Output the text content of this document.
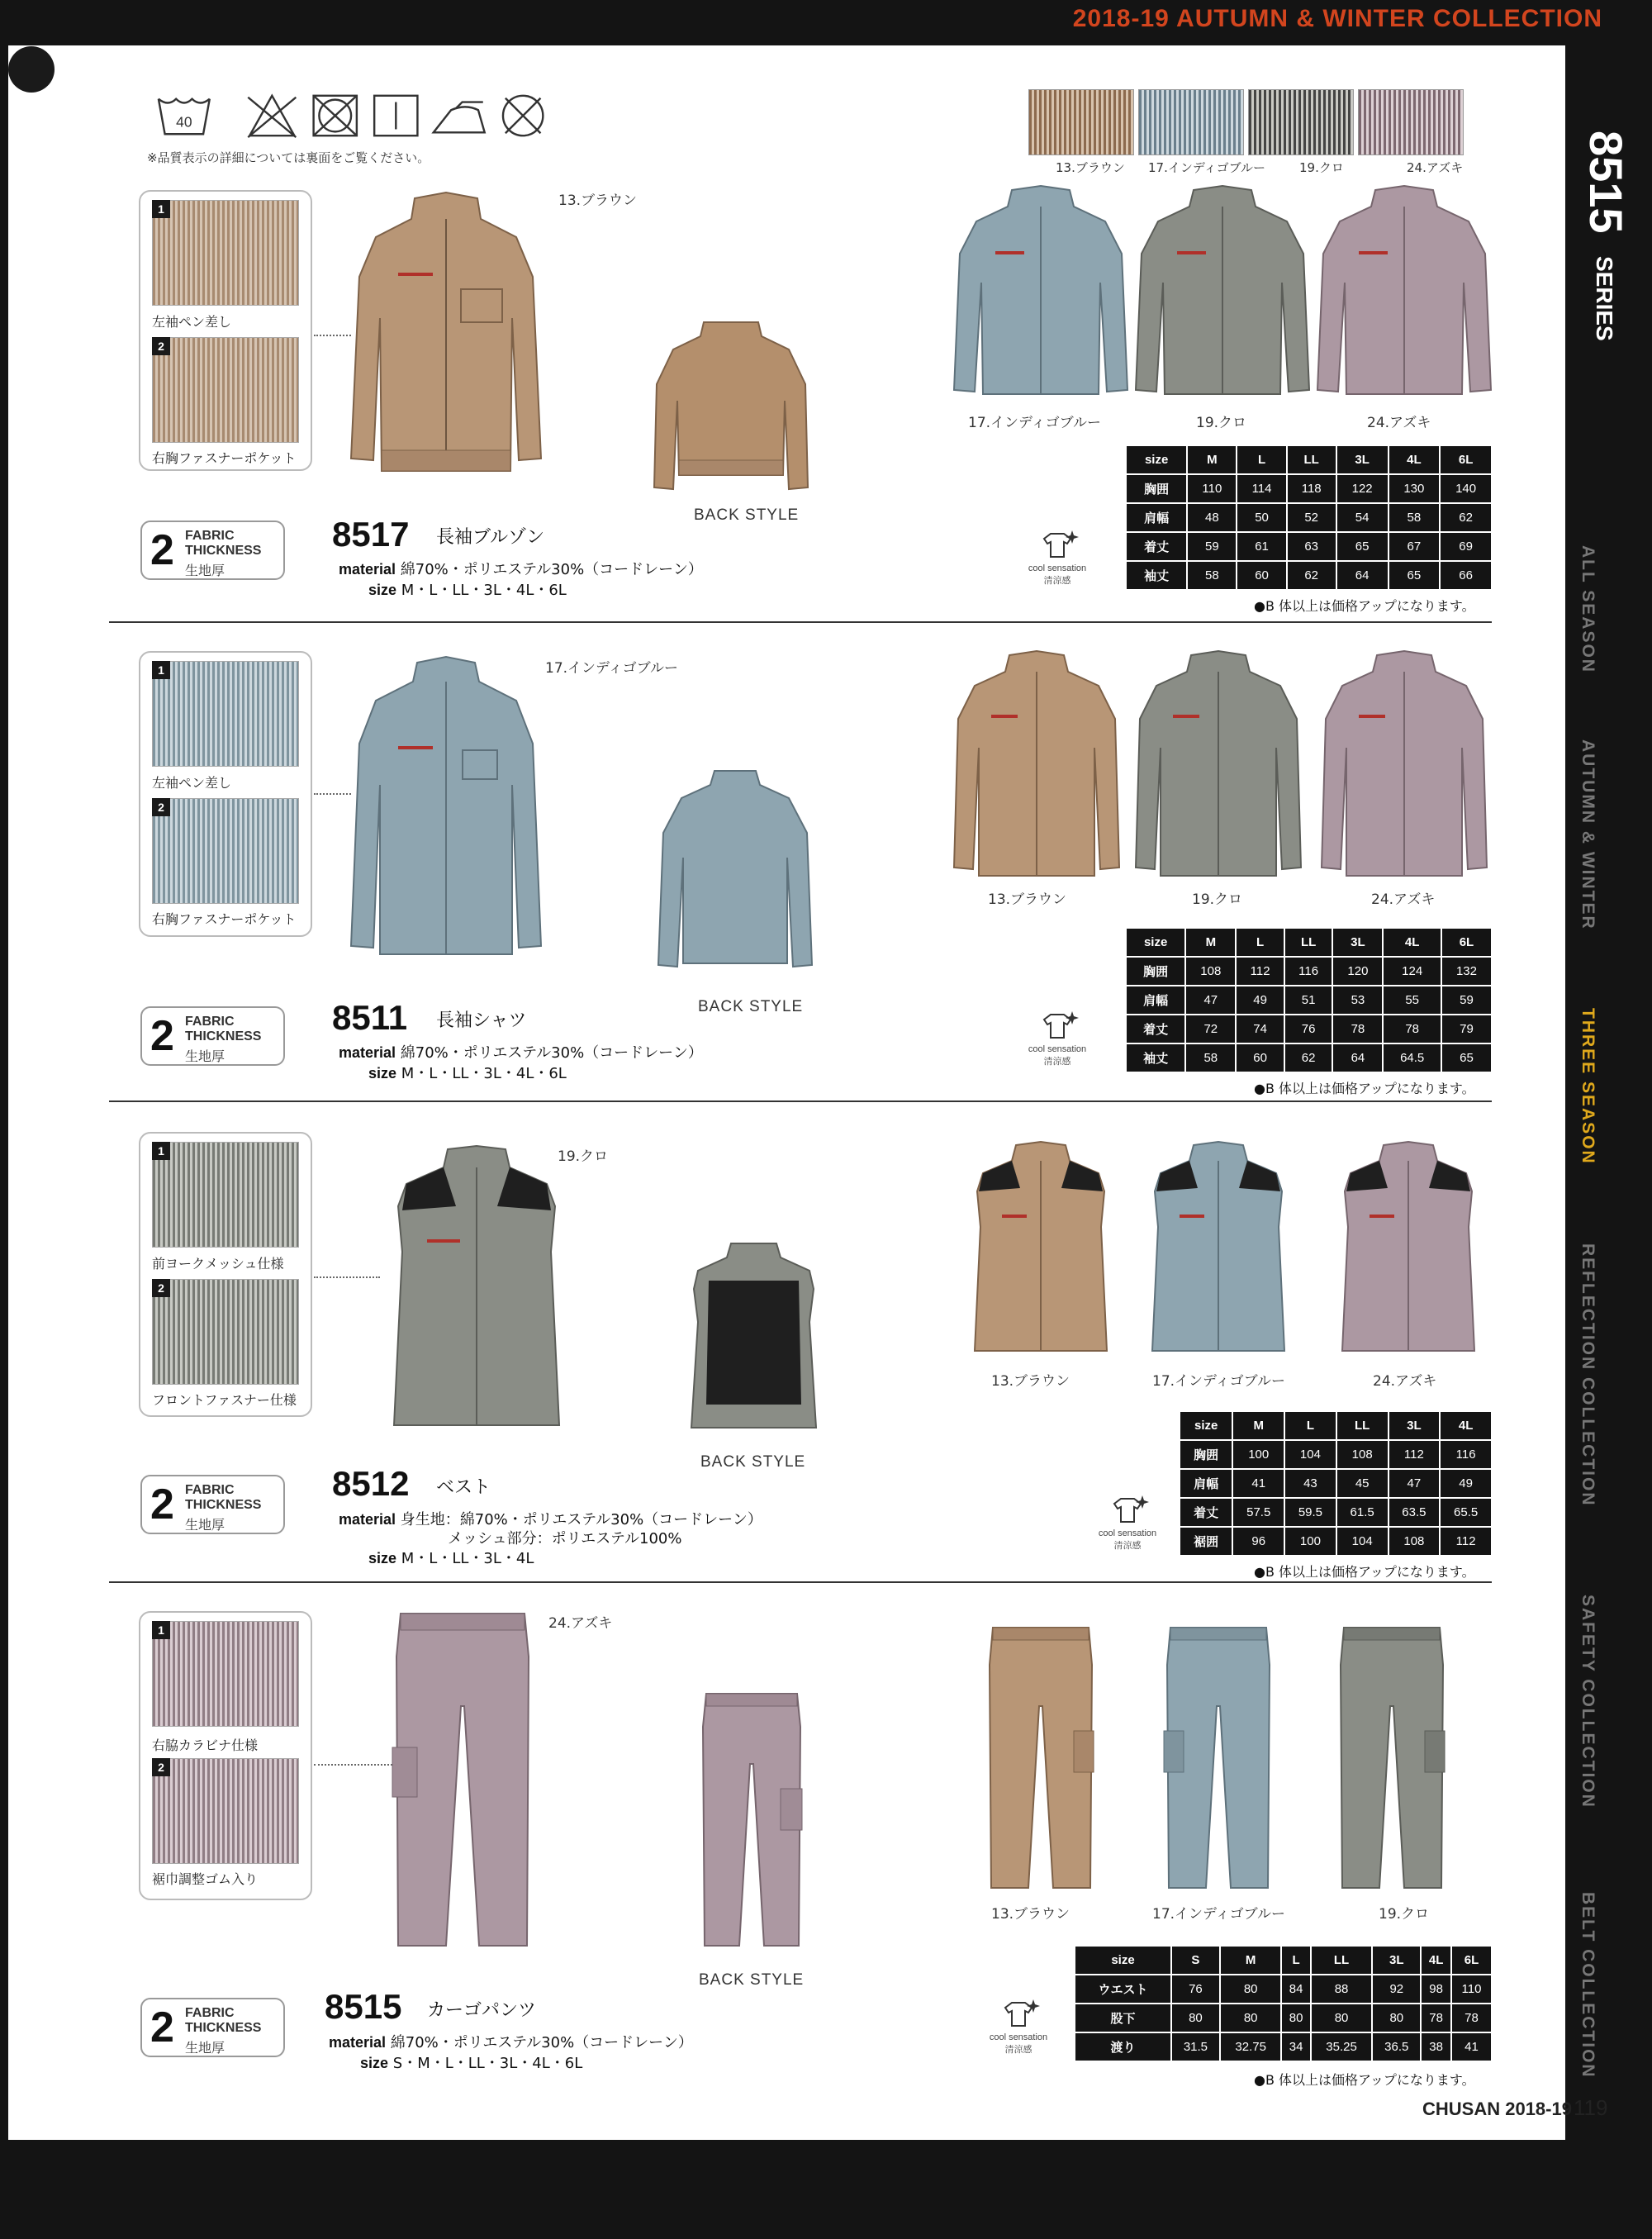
2018-19 AUTUMN & WINTER COLLECTION
8515
SERIES
ALL SEASON
AUTUMN & WINTER
THREE SEASON
REFLECTION COLLECTION
SAFETY COLLECTION
BELT COLLECTION
40
※品質表示の詳細については裏面をご覧ください。
13.ブラウン 17.インディゴブルー	19.クロ	24.アズキ
1
左袖ペン差し
2
右胸ファスナーポケット
13.ブラウン
BACK STYLE
2 FABRIC
THICKNESS
生地厚
8517 長袖ブルゾン
material 綿70%・ポリエステル30%（コードレーン）
size M・L・LL・3L・4L・6L
17.インディゴブルー	19.クロ	24.アズキ
cool sensation
清涼感
size	M	L	LL	3L	4L	6L
胸囲	110	114	118	122	130	140
肩幅	48	50	52	54	58	62
着丈	59	61	63	65	67	69
袖丈	58	60	62	64	65	66
●B 体以上は価格アップになります。
1
左袖ペン差し
2
右胸ファスナーポケット
17.インディゴブルー
BACK STYLE
2 FABRIC
THICKNESS
生地厚
8511 長袖シャツ
material 綿70%・ポリエステル30%（コードレーン）
size M・L・LL・3L・4L・6L
13.ブラウン	19.クロ	24.アズキ
cool sensation
清涼感
size	M	L	LL	3L	4L	6L
胸囲	108	112	116	120	124	132
肩幅	47	49	51	53	55	59
着丈	72	74	76	78	78	79
袖丈	58	60	62	64	64.5	65
●B 体以上は価格アップになります。
1
前ヨークメッシュ仕様
2
フロントファスナー仕様
19.クロ
BACK STYLE
2 FABRIC
THICKNESS
生地厚
8512 ベスト
material 身生地：綿70%・ポリエステル30%（コードレーン）
メッシュ部分：ポリエステル100%
size M・L・LL・3L・4L
13.ブラウン	17.インディゴブルー	24.アズキ
cool sensation
清涼感
size	M	L	LL	3L	4L
胸囲	100	104	108	112	116
肩幅	41	43	45	47	49
着丈	57.5	59.5	61.5	63.5	65.5
裾囲	96	100	104	108	112
●B 体以上は価格アップになります。
1
右脇カラビナ仕様
2
裾巾調整ゴム入り
24.アズキ
BACK STYLE
2 FABRIC
THICKNESS
生地厚
8515 カーゴパンツ
material 綿70%・ポリエステル30%（コードレーン）
size S・M・L・LL・3L・4L・6L
13.ブラウン	17.インディゴブルー	19.クロ
cool sensation
清涼感
size	S	M	L	LL	3L	4L	6L
ウエスト	76	80	84	88	92	98	110
股下	80	80	80	80	80	78	78
渡り	31.5	32.75	34	35.25	36.5	38	41
●B 体以上は価格アップになります。
CHUSAN 2018-19 119
